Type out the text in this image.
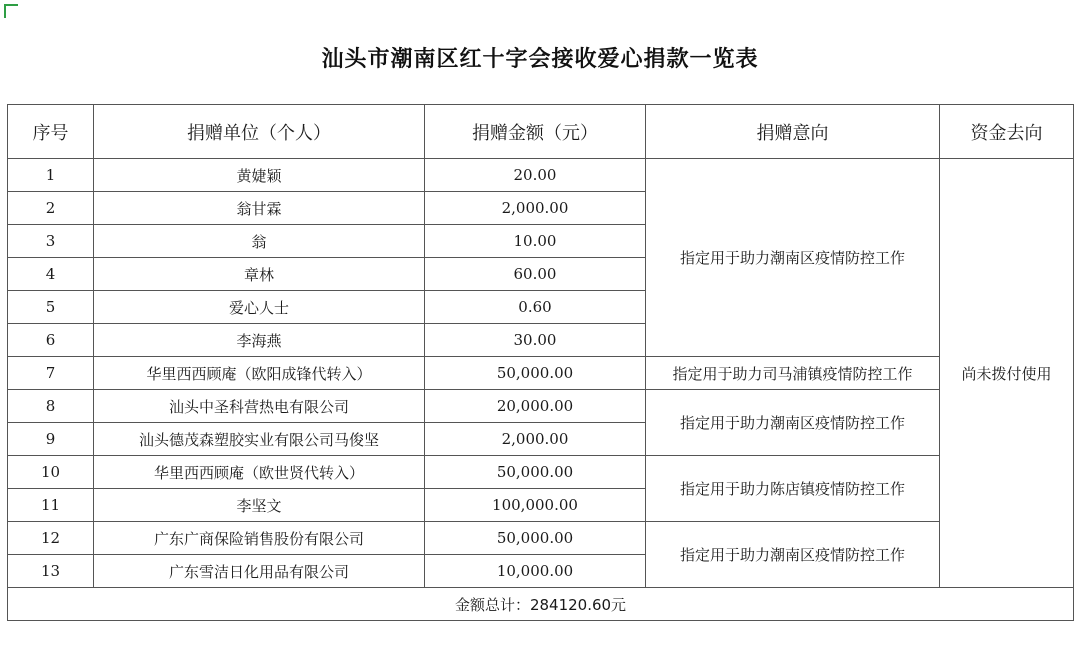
汕头市潮南区红十字会接收爱心捐款一览表
序号	捐赠单位（个人）	捐赠金额（元）	捐赠意向	资金去向
1	黄婕颖	20.00	指定用于助力潮南区疫情防控工作	尚未拨付使用
2	翁甘霖	2,000.00		
3	翁	10.00		
4	章林	60.00		
5	爱心人士	0.60		
6	李海燕	30.00		
7	华里西西顾庵（欧阳成锋代转入）	50,000.00	指定用于助力司马浦镇疫情防控工作	
8	汕头中圣科营热电有限公司	20,000.00	指定用于助力潮南区疫情防控工作	
9	汕头德茂森塑胶实业有限公司马俊坚	2,000.00		
10	华里西西顾庵（欧世贤代转入）	50,000.00	指定用于助力陈店镇疫情防控工作	
11	李坚文	100,000.00		
12	广东广商保险销售股份有限公司	50,000.00	指定用于助力潮南区疫情防控工作	
13	广东雪洁日化用品有限公司	10,000.00		
金额总计：284120.60元				
